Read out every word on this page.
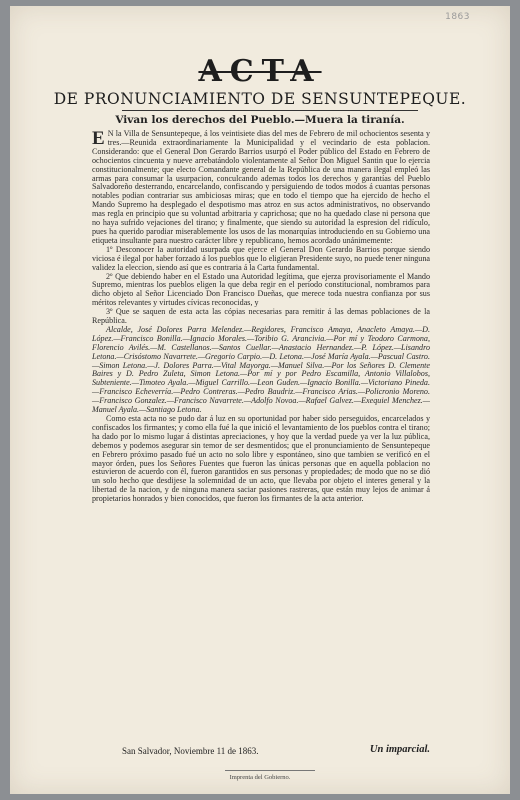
1863
ACTA
DE PRONUNCIAMIENTO DE SENSUNTEPEQUE.
Vivan los derechos del Pueblo.—Muera la tiranía.

E N la Villa de Sensuntepeque, á los veintisiete dias del mes de Febrero de mil ochocientos sesenta y tres.—Reunida extraordinariamente la Municipalidad y el vecindario de esta poblacion. Considerando: que el General Don Gerardo Barrios usurpó el Poder público del Estado en Febrero de ochocientos cincuenta y nueve arrebatándolo violentamente al Señor Don Miguel Santin que lo ejercia constitucionalmente; que electo Comandante general de la República de una manera ilegal empleó las armas para consumar la usurpacion, conculcando ademas todos los derechos y garantías del Pueblo Salvadoreño desterrando, encarcelando, confiscando y persiguiendo de todos modos á cuantas personas notables podian contrariar sus ambiciosas miras; que en todo el tiempo que ha ejercido de hecho el Mando Supremo ha desplegado el despotismo mas atroz en sus actos administrativos, no observando mas regla en principio que su voluntad arbitraria y caprichosa; que no ha quedado clase ni persona que no haya sufrido vejaciones del tirano; y finalmente, que siendo su autoridad la espresion del ridículo, pues ha querido parodiar miserablemente los usos de las monarquías introduciendo en su Gobierno una etiqueta insultante para nuestro carácter libre y republicano, hemos acordado unánimemente:

1º Desconocer la autoridad usurpada que ejerce el General Don Gerardo Barrios porque siendo viciosa é ilegal por haber forzado á los pueblos que lo eligieran Presidente suyo, no puede tener ninguna validez la eleccion, siendo así que es contraria á la Carta fundamental.

2º Que debiendo haber en el Estado una Autoridad legítima, que ejerza provisoriamente el Mando Supremo, mientras los pueblos eligen la que deba regir en el período constitucional, nombramos para dicho objeto al Señor Licenciado Don Francisco Dueñas, que merece toda nuestra confianza por sus méritos relevantes y virtudes cívicas reconocidas, y

3º Que se saquen de esta acta las cópias necesarias para remitir á las demas poblaciones de la República.

Alcalde, José Dolores Parra Melendez.—Regidores, Francisco Amaya, Anacleto Amaya.—D. López.—Francisco Bonilla.—Ignacio Morales.—Toribio G. Arancivia.—Por mí y Teodoro Carmona, Florencio Avilés.—M. Castellanos.—Santos Cuellar.—Anastacio Hernandez.—P. López.—Lisandro Letona.—Crisóstomo Navarrete.—Gregorio Carpio.—D. Letona.—José María Ayala.—Pascual Castro.—Simon Letona.—J. Dolores Parra.—Vital Mayorga.—Manuel Silva.—Por los Señores D. Clemente Baires y D. Pedro Zuleta, Simon Letona.—Por mí y por Pedro Escamilla, Antonio Villalobos, Subteniente.—Timoteo Ayala.—Miguel Carrillo.—Leon Guden.—Ignacio Bonilla.—Victoriano Pineda.—Francisco Echeverría.—Pedro Contreras.—Pedro Baudriz.—Francisco Arias.—Policronio Moreno.—Francisco Gonzalez.—Francisco Navarrete.—Adolfo Novoa.—Rafael Galvez.—Exequiel Menchez.—Manuel Ayala.—Santiago Letona.

Como esta acta no se pudo dar á luz en su oportunidad por haber sido perseguidos, encarcelados y confiscados los firmantes; y como ella fué la que inició el levantamiento de los pueblos contra el tirano; ha dado por lo mismo lugar á distintas apreciaciones, y hoy que la verdad puede ya ver la luz pública, debemos y podemos asegurar sin temor de ser desmentidos; que el pronunciamiento de Sensuntepeque en Febrero próximo pasado fué un acto no solo libre y espontáneo, sino que tambien se verificó en el mayor órden, pues los Señores Fuentes que fueron las únicas personas que en aquella poblacion no estuvieron de acuerdo con él, fueron garantidos en sus personas y propiedades; de modo que no se dió un solo hecho que desdijese la solemnidad de un acto, que llevaba por objeto el interes general y la libertad de la nacion, y de ninguna manera saciar pasiones rastreras, que están muy lejos de animar á propietarios honrados y bien conocidos, que fueron los firmantes de la acta anterior.

San Salvador, Noviembre 11 de 1863.	Un imparcial.
Imprenta del Gobierno.
